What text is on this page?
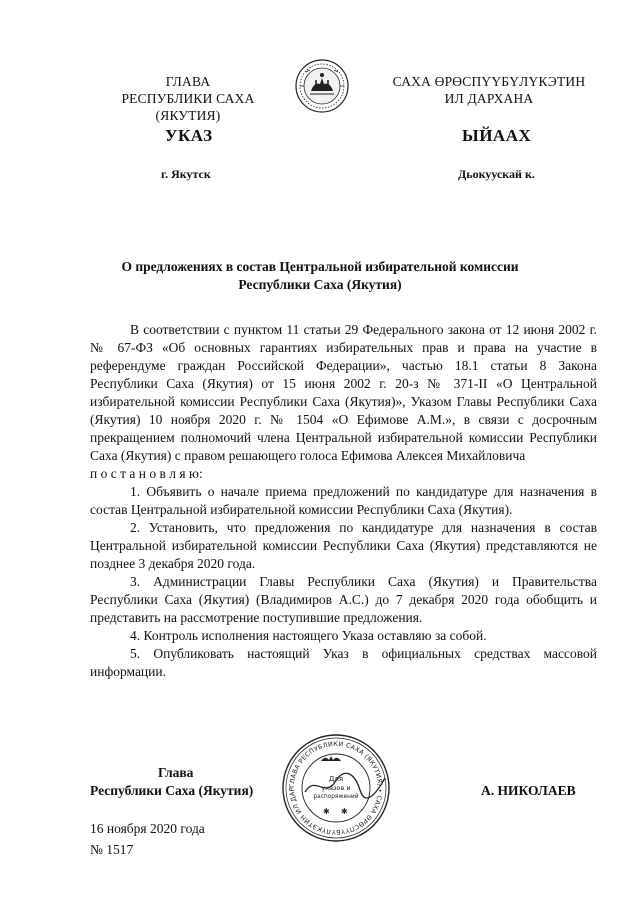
ГЛАВА
РЕСПУБЛИКИ САХА (ЯКУТИЯ)
САХА ӨРӨСПҮҮБҮЛҮКЭТИН
ИЛ ДАРХАНА
УКАЗ	ЫЙААХ
г. Якутск	Дьокуускай к.
О предложениях в состав Центральной избирательной комиссии
Республики Саха (Якутия)

В соответствии с пунктом 11 статьи 29 Федерального закона от 12 июня 2002 г. № 67-ФЗ «Об основных гарантиях избирательных прав и права на участие в референдуме граждан Российской Федерации», частью 18.1 статьи 8 Закона Республики Саха (Якутия) от 15 июня 2002 г. 20-з № 371-II «О Центральной избирательной комиссии Республики Саха (Якутия)», Указом Главы Республики Саха (Якутия) 10 ноября 2020 г. № 1504 «О Ефимове А.М.», в связи с досрочным прекращением полномочий члена Центральной избирательной комиссии Республики Саха (Якутия) с правом решающего голоса Ефимова Алексея Михайловича

п о с т а н о в л я ю:

1. Объявить о начале приема предложений по кандидатуре для назначения в состав Центральной избирательной комиссии Республики Саха (Якутия).

2. Установить, что предложения по кандидатуре для назначения в состав Центральной избирательной комиссии Республики Саха (Якутия) представляются не позднее 3 декабря 2020 года.

3. Администрации Главы Республики Саха (Якутия) и Правительства Республики Саха (Якутия) (Владимиров А.С.) до 7 декабря 2020 года обобщить и представить на рассмотрение поступившие предложения.

4. Контроль исполнения настоящего Указа оставляю за собой.

5. Опубликовать настоящий Указ в официальных средствах массовой информации.

ГЛАВА РЕСПУБЛИКИ САХА (ЯКУТИЯ) • САХА ӨРӨСПҮҮБҮЛҮКЭТИН ИЛ ДАР
Для
указов и
распоряжений
✱ ✱
Глава
Республики Саха (Якутия)	А. НИКОЛАЕВ
16 ноября 2020 года
№ 1517
